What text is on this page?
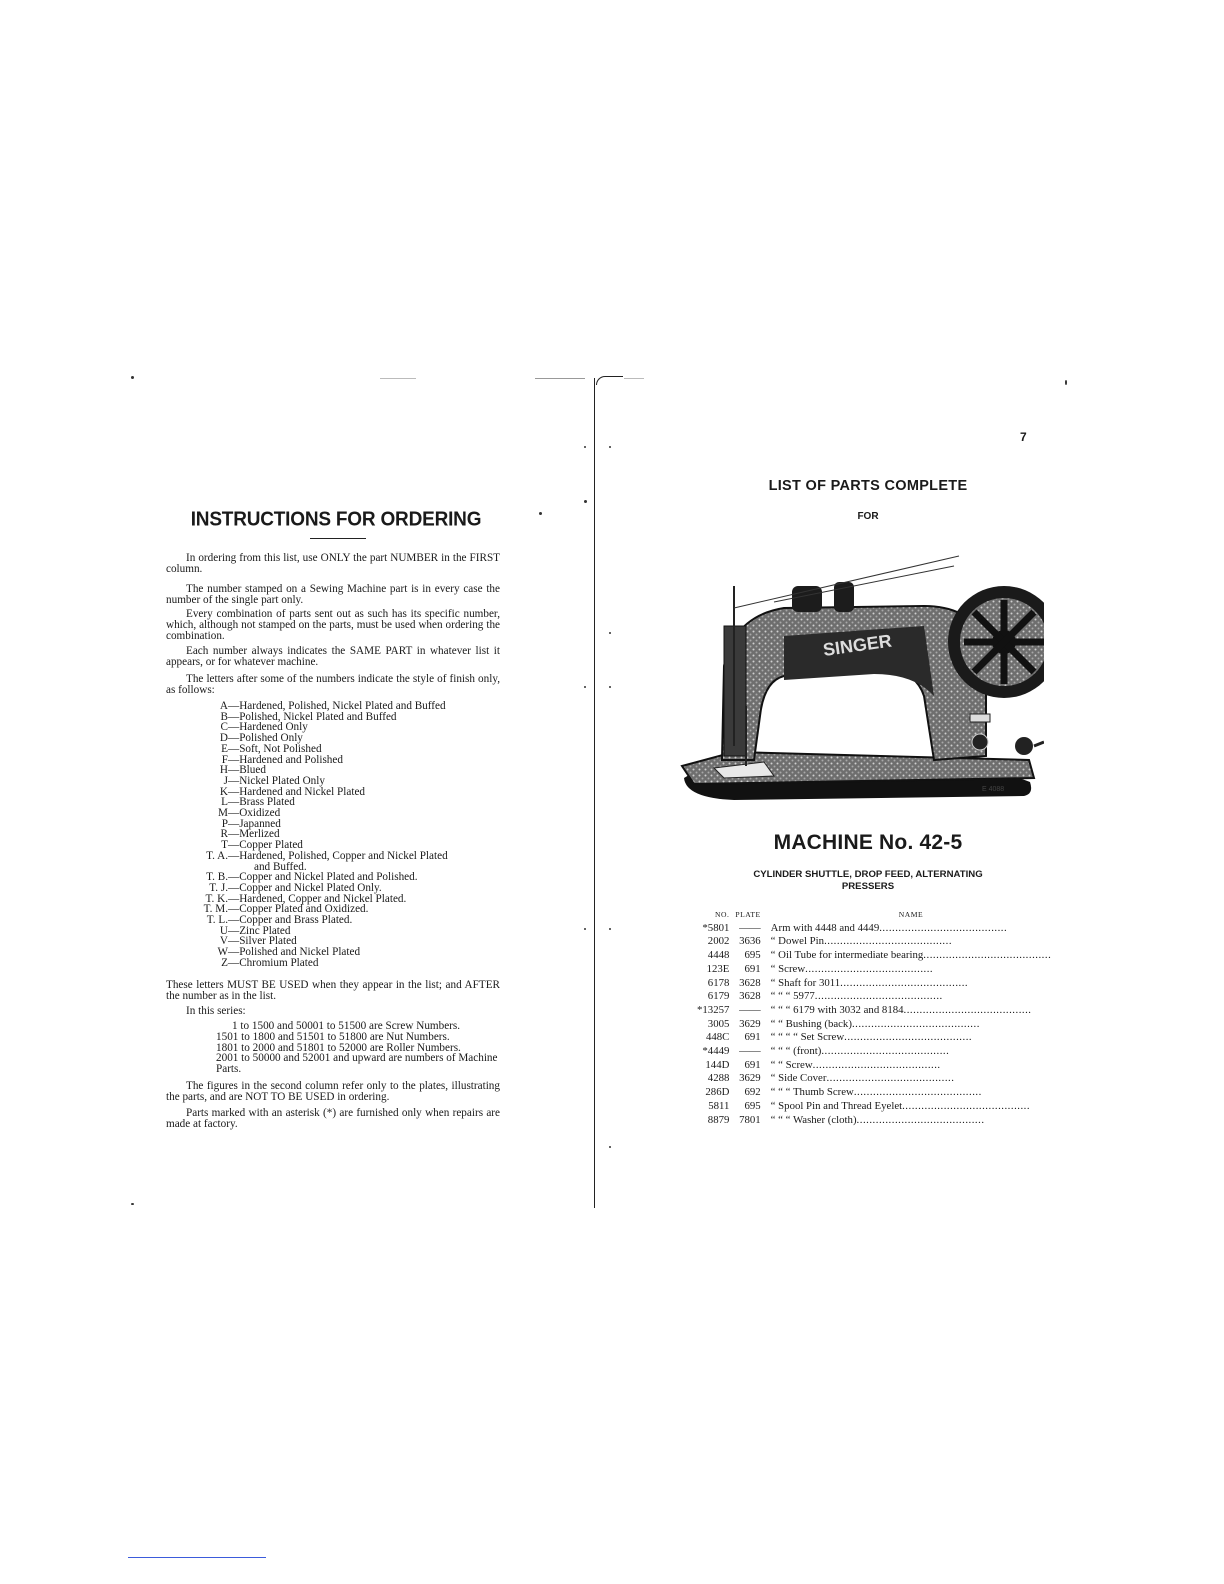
INSTRUCTIONS FOR ORDERING
In ordering from this list, use ONLY the part NUMBER in the FIRST column.
The number stamped on a Sewing Machine part is in every case the number of the single part only.
Every combination of parts sent out as such has its specific number, which, although not stamped on the parts, must be used when ordering the combination.
Each number always indicates the SAME PART in whatever list it appears, or for whatever machine.
The letters after some of the numbers indicate the style of finish only, as follows:
A —Hardened, Polished, Nickel Plated and Buffed
B —Polished, Nickel Plated and Buffed
C —Hardened Only
D —Polished Only
E —Soft, Not Polished
F —Hardened and Polished
H —Blued
J —Nickel Plated Only
K —Hardened and Nickel Plated
L —Brass Plated
M —Oxidized
P —Japanned
R —Merlized
T —Copper Plated
T. A. —Hardened, Polished, Copper and Nickel Plated
and Buffed.
T. B. —Copper and Nickel Plated and Polished.
T. J. —Copper and Nickel Plated Only.
T. K. —Hardened, Copper and Nickel Plated.
T. M. —Copper Plated and Oxidized.
T. L. —Copper and Brass Plated.
U —Zinc Plated
V —Silver Plated
W —Polished and Nickel Plated
Z —Chromium Plated
These letters MUST BE USED when they appear in the list; and AFTER the number as in the list.
In this series:
1 to 1500 and 50001 to 51500 are Screw Numbers.
1501 to 1800 and 51501 to 51800 are Nut Numbers.
1801 to 2000 and 51801 to 52000 are Roller Numbers.
2001 to 50000 and 52001 and upward are numbers of Machine Parts.
The figures in the second column refer only to the plates, illustrating the parts, and are NOT TO BE USED in ordering.
Parts marked with an asterisk (*) are furnished only when repairs are made at factory.
7
LIST OF PARTS COMPLETE
FOR
SINGER
E 4088
MACHINE No. 42-5
CYLINDER SHUTTLE, DROP FEED, ALTERNATING PRESSERS
NO.	PLATE	NAME
*5801	——	Arm with 4448 and 4449........................................
2002	3636	“ Dowel Pin........................................
4448	695	“ Oil Tube for intermediate bearing........................................
123E	691	“ Screw........................................
6178	3628	“ Shaft for 3011........................................
6179	3628	“ “ “ 5977........................................
*13257	——	“ “ “ 6179 with 3032 and 8184........................................
3005	3629	“ “ Bushing (back)........................................
448C	691	“ “ “ “ Set Screw........................................
*4449	——	“ “ “ (front)........................................
144D	691	“ “ Screw........................................
4288	3629	“ Side Cover........................................
286D	692	“ “ “ Thumb Screw........................................
5811	695	“ Spool Pin and Thread Eyelet........................................
8879	7801	“ “ “ Washer (cloth)........................................
